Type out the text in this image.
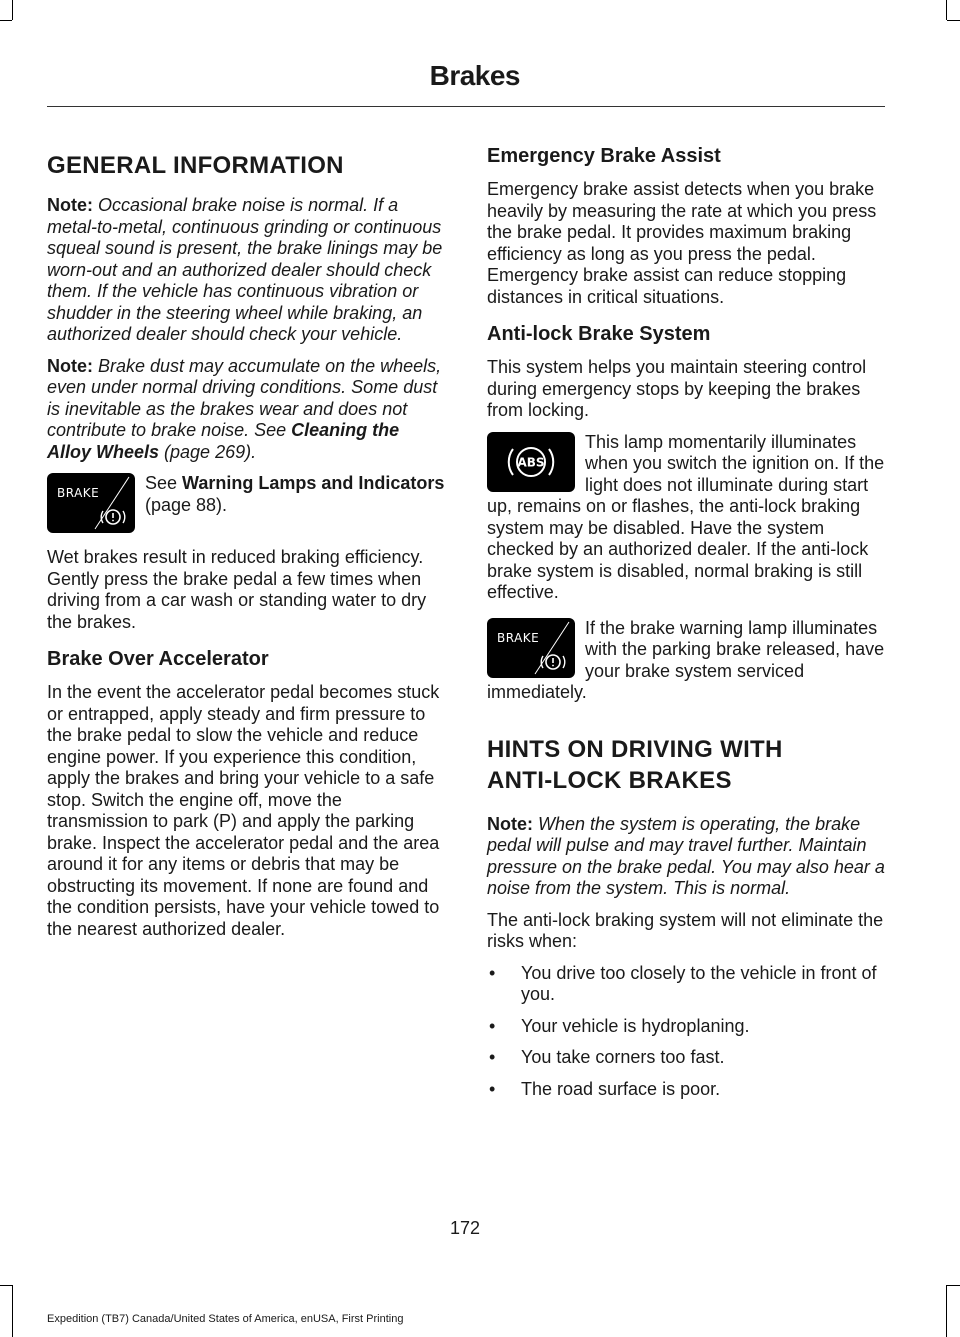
Brakes
GENERAL INFORMATION

Note: Occasional brake noise is normal. If a metal-to-metal, continuous grinding or continuous squeal sound is present, the brake linings may be worn-out and an authorized dealer should check them. If the vehicle has continuous vibration or shudder in the steering wheel while braking, an authorized dealer should check your vehicle.

Note: Brake dust may accumulate on the wheels, even under normal driving conditions. Some dust is inevitable as the brakes wear and does not contribute to brake noise. See Cleaning the Alloy Wheels (page 269).

BRAKE	See Warning Lamps and Indicators (page 88).

Wet brakes result in reduced braking efficiency. Gently press the brake pedal a few times when driving from a car wash or standing water to dry the brakes.

Brake Over Accelerator

In the event the accelerator pedal becomes stuck or entrapped, apply steady and firm pressure to the brake pedal to slow the vehicle and reduce engine power. If you experience this condition, apply the brakes and bring your vehicle to a safe stop. Switch the engine off, move the transmission to park (P) and apply the parking brake. Inspect the accelerator pedal and the area around it for any items or debris that may be obstructing its movement. If none are found and the condition persists, have your vehicle towed to the nearest authorized dealer.

Emergency Brake Assist

Emergency brake assist detects when you brake heavily by measuring the rate at which you press the brake pedal. It provides maximum braking efficiency as long as you press the pedal. Emergency brake assist can reduce stopping distances in critical situations.

Anti-lock Brake System

This system helps you maintain steering control during emergency stops by keeping the brakes from locking.

ABS
This lamp momentarily illuminates when you switch the ignition on. If the light does not illuminate during start up, remains on or flashes, the anti-lock braking system may be disabled. Have the system checked by an authorized dealer. If the anti-lock brake system is disabled, normal braking is still effective.
BRAKE	If the brake warning lamp illuminates with the parking brake released, have your brake system serviced immediately.
HINTS ON DRIVING WITH
ANTI-LOCK BRAKES

Note: When the system is operating, the brake pedal will pulse and may travel further. Maintain pressure on the brake pedal. You may also hear a noise from the system. This is normal.

The anti-lock braking system will not eliminate the risks when:

• You drive too closely to the vehicle in front of you.
• Your vehicle is hydroplaning.
• You take corners too fast.
• The road surface is poor.
172
Expedition (TB7) Canada/United States of America, enUSA, First Printing
